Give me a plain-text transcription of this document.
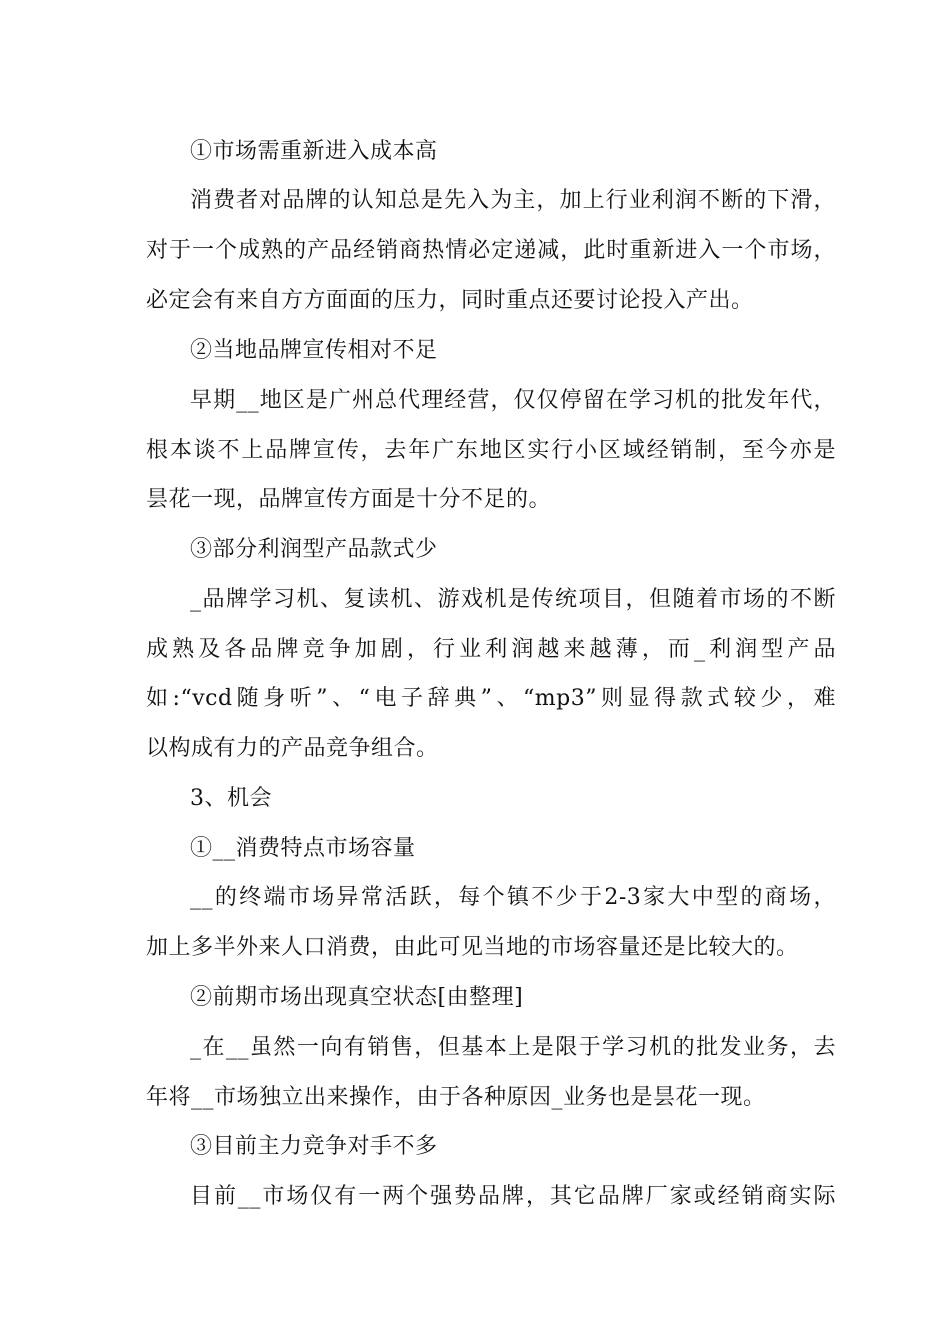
①市场需重新进入成本高
消费者对品牌的认知总是先入为主，加上行业利润不断的下滑，
对于一个成熟的产品经销商热情必定递减，此时重新进入一个市场，
必定会有来自方方面面的压力，同时重点还要讨论投入产出。
②当地品牌宣传相对不足
早期__地区是广州总代理经营，仅仅停留在学习机的批发年代，
根本谈不上品牌宣传，去年广东地区实行小区域经销制，至今亦是
昙花一现，品牌宣传方面是十分不足的。
③部分利润型产品款式少
_品牌学习机、复读机、游戏机是传统项目，但随着市场的不断
成熟及各品牌竞争加剧，行业利润越来越薄，而_利润型产品
如:“vcd随身听”、“电子辞典”、“mp3”则显得款式较少，难
以构成有力的产品竞争组合。
3、机会
①__消费特点市场容量
__的终端市场异常活跃，每个镇不少于2-3家大中型的商场，
加上多半外来人口消费，由此可见当地的市场容量还是比较大的。
②前期市场出现真空状态[由整理]
_在__虽然一向有销售，但基本上是限于学习机的批发业务，去
年将__市场独立出来操作，由于各种原因_业务也是昙花一现。
③目前主力竞争对手不多
目前__市场仅有一两个强势品牌，其它品牌厂家或经销商实际
